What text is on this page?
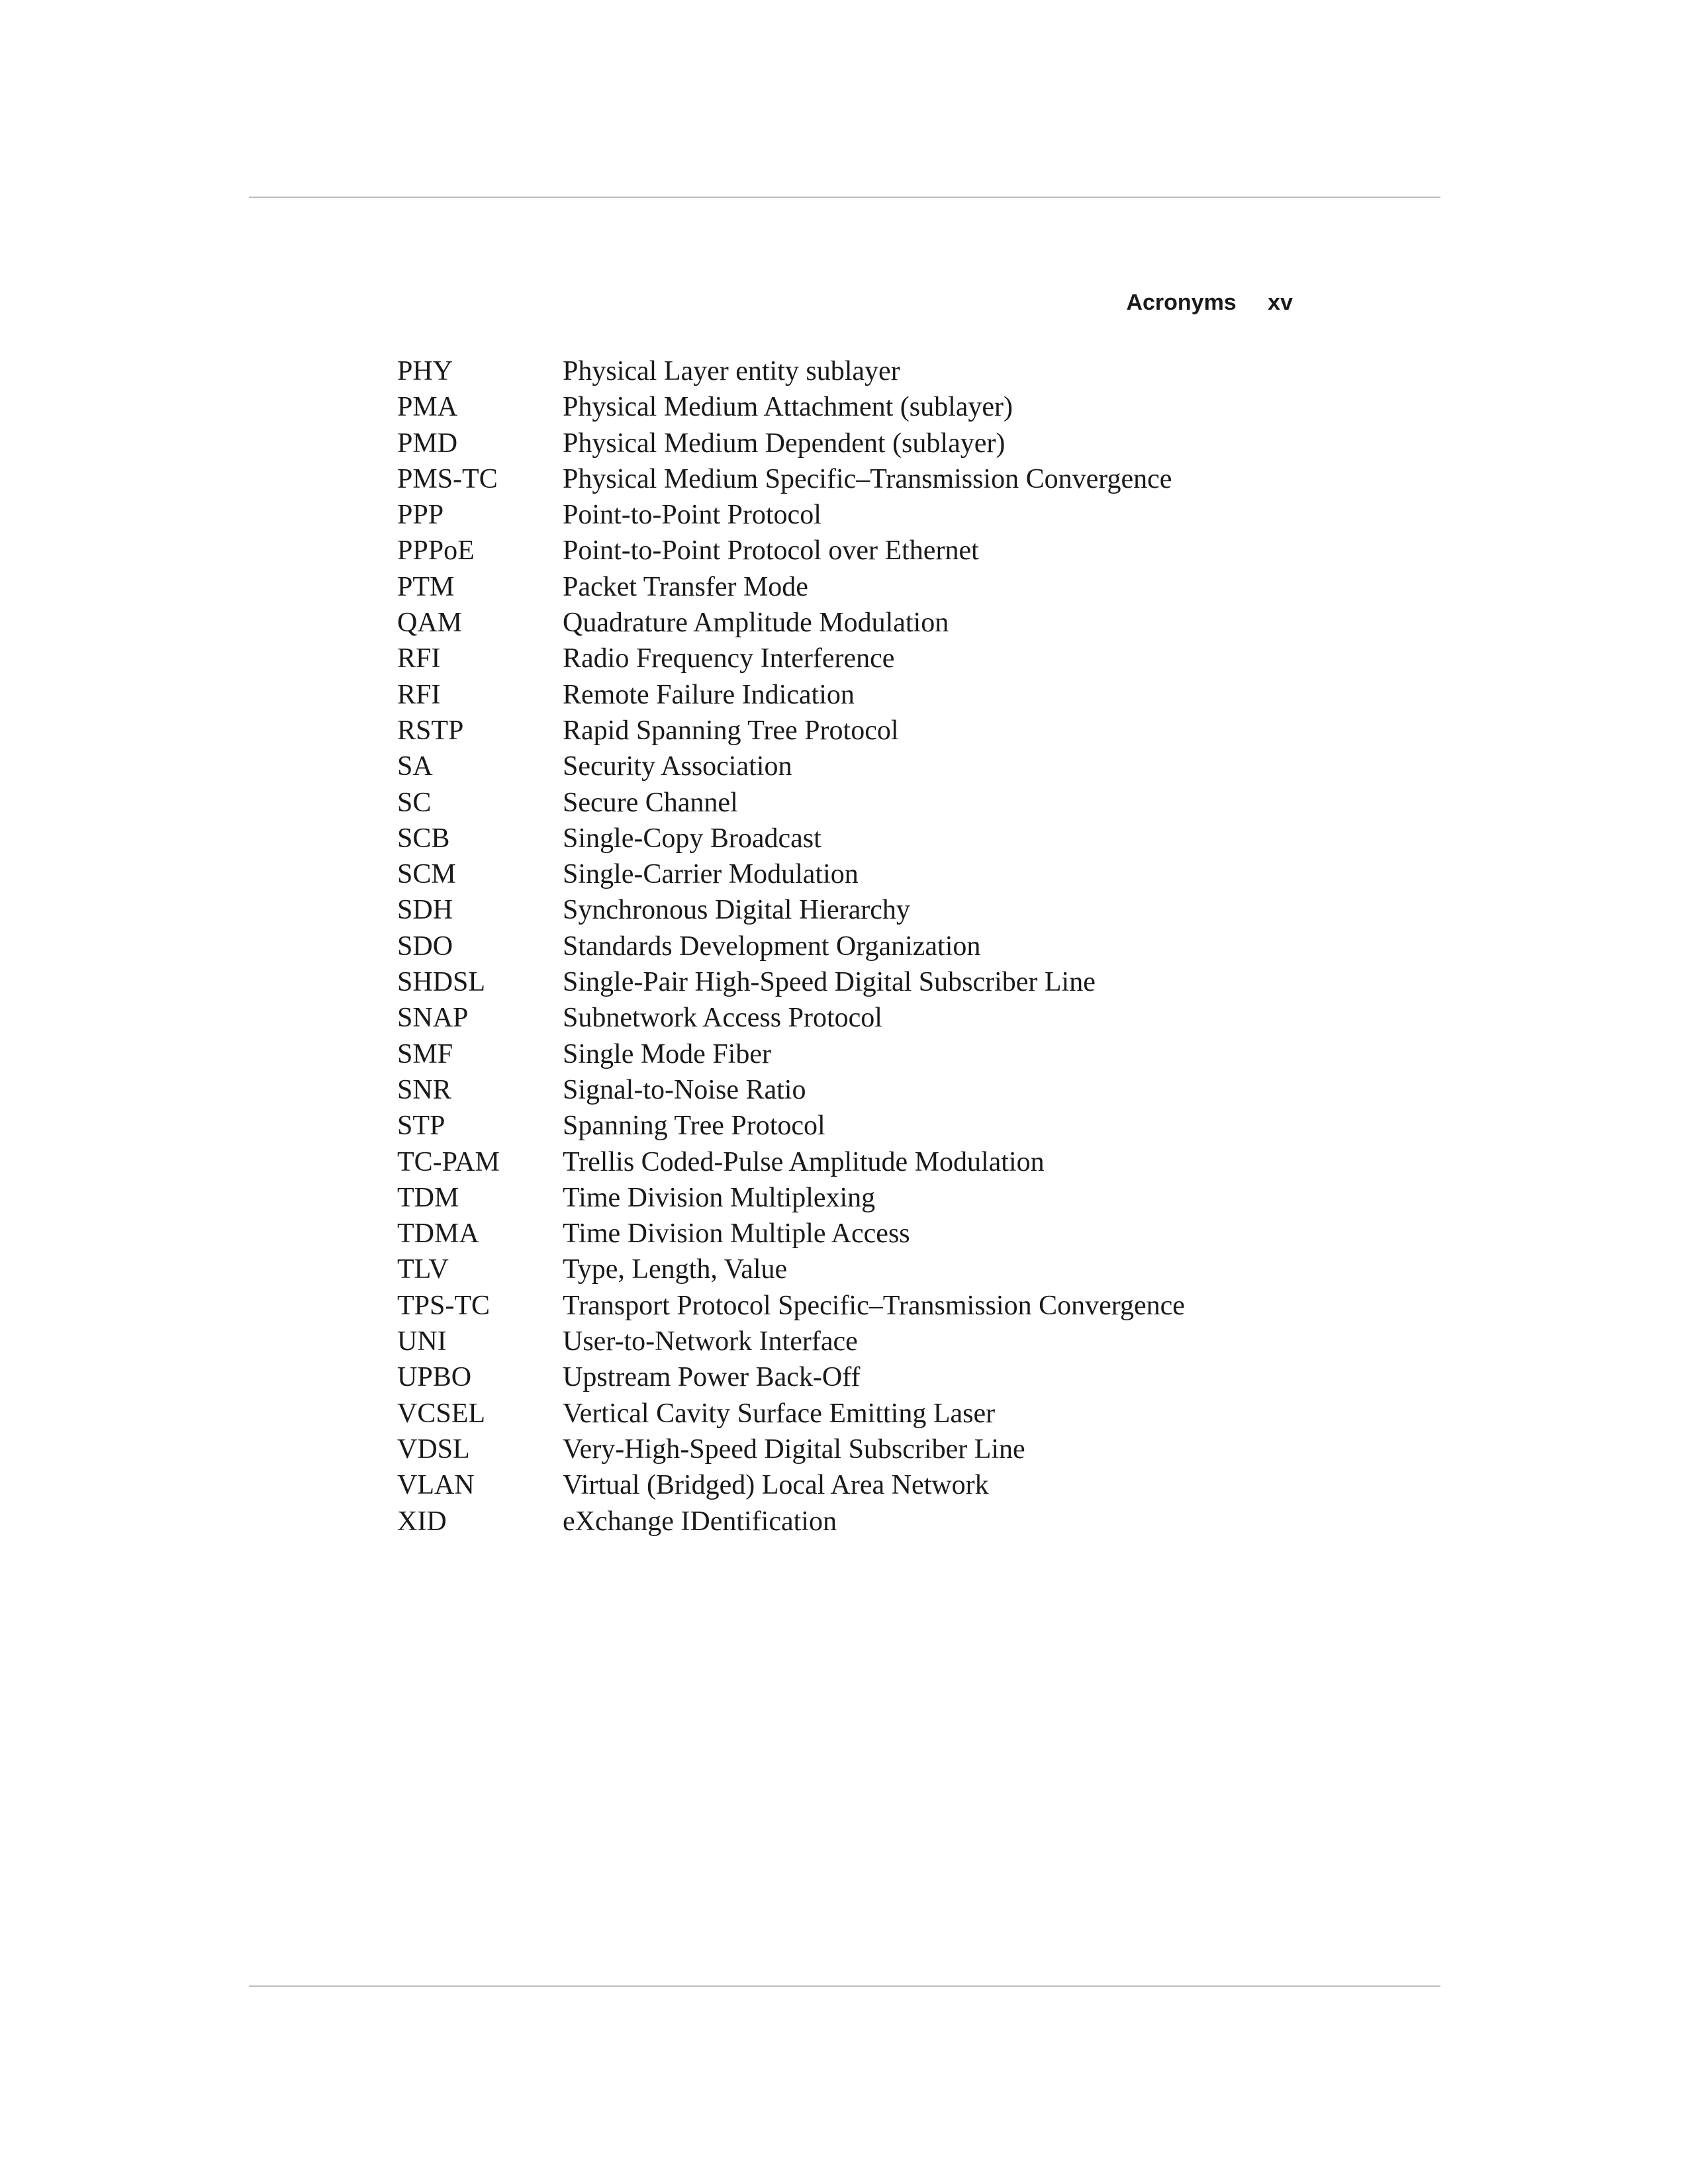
Acronyms xv
PHY	Physical Layer entity sublayer
PMA	Physical Medium Attachment (sublayer)
PMD	Physical Medium Dependent (sublayer)
PMS-TC	Physical Medium Specific–Transmission Convergence
PPP	Point-to-Point Protocol
PPPoE	Point-to-Point Protocol over Ethernet
PTM	Packet Transfer Mode
QAM	Quadrature Amplitude Modulation
RFI	Radio Frequency Interference
RFI	Remote Failure Indication
RSTP	Rapid Spanning Tree Protocol
SA	Security Association
SC	Secure Channel
SCB	Single-Copy Broadcast
SCM	Single-Carrier Modulation
SDH	Synchronous Digital Hierarchy
SDO	Standards Development Organization
SHDSL	Single-Pair High-Speed Digital Subscriber Line
SNAP	Subnetwork Access Protocol
SMF	Single Mode Fiber
SNR	Signal-to-Noise Ratio
STP	Spanning Tree Protocol
TC-PAM	Trellis Coded-Pulse Amplitude Modulation
TDM	Time Division Multiplexing
TDMA	Time Division Multiple Access
TLV	Type, Length, Value
TPS-TC	Transport Protocol Specific–Transmission Convergence
UNI	User-to-Network Interface
UPBO	Upstream Power Back-Off
VCSEL	Vertical Cavity Surface Emitting Laser
VDSL	Very-High-Speed Digital Subscriber Line
VLAN	Virtual (Bridged) Local Area Network
XID	eXchange IDentification
